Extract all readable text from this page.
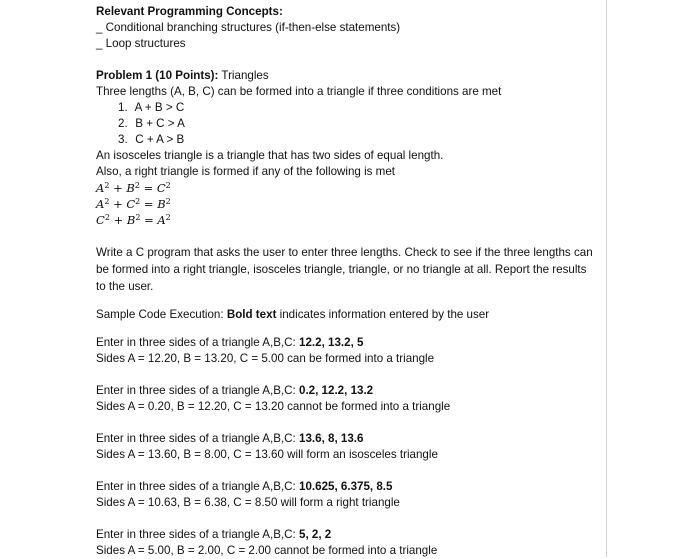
Relevant Programming Concepts:
_ Conditional branching structures (if-then-else statements)
_ Loop structures
Problem 1 (10 Points): Triangles
Three lengths (A, B, C) can be formed into a triangle if three conditions are met
1. A + B > C
2. B + C > A
3. C + A > B
An isosceles triangle is a triangle that has two sides of equal length.
Also, a right triangle is formed if any of the following is met
$A^2 + B^2 = C^2$
$A^2 + C^2 = B^2$
$C^2 + B^2 = A^2$
Write a C program that asks the user to enter three lengths. Check to see if the three lengths can be formed into a right triangle, isosceles triangle, triangle, or no triangle at all. Report the results to the user.
Sample Code Execution: Bold text indicates information entered by the user
Enter in three sides of a triangle A,B,C: 12.2, 13.2, 5
Sides A = 12.20, B = 13.20, C = 5.00 can be formed into a triangle
Enter in three sides of a triangle A,B,C: 0.2, 12.2, 13.2
Sides A = 0.20, B = 12.20, C = 13.20 cannot be formed into a triangle
Enter in three sides of a triangle A,B,C: 13.6, 8, 13.6
Sides A = 13.60, B = 8.00, C = 13.60 will form an isosceles triangle
Enter in three sides of a triangle A,B,C: 10.625, 6.375, 8.5
Sides A = 10.63, B = 6.38, C = 8.50 will form a right triangle
Enter in three sides of a triangle A,B,C: 5, 2, 2
Sides A = 5.00, B = 2.00, C = 2.00 cannot be formed into a triangle
